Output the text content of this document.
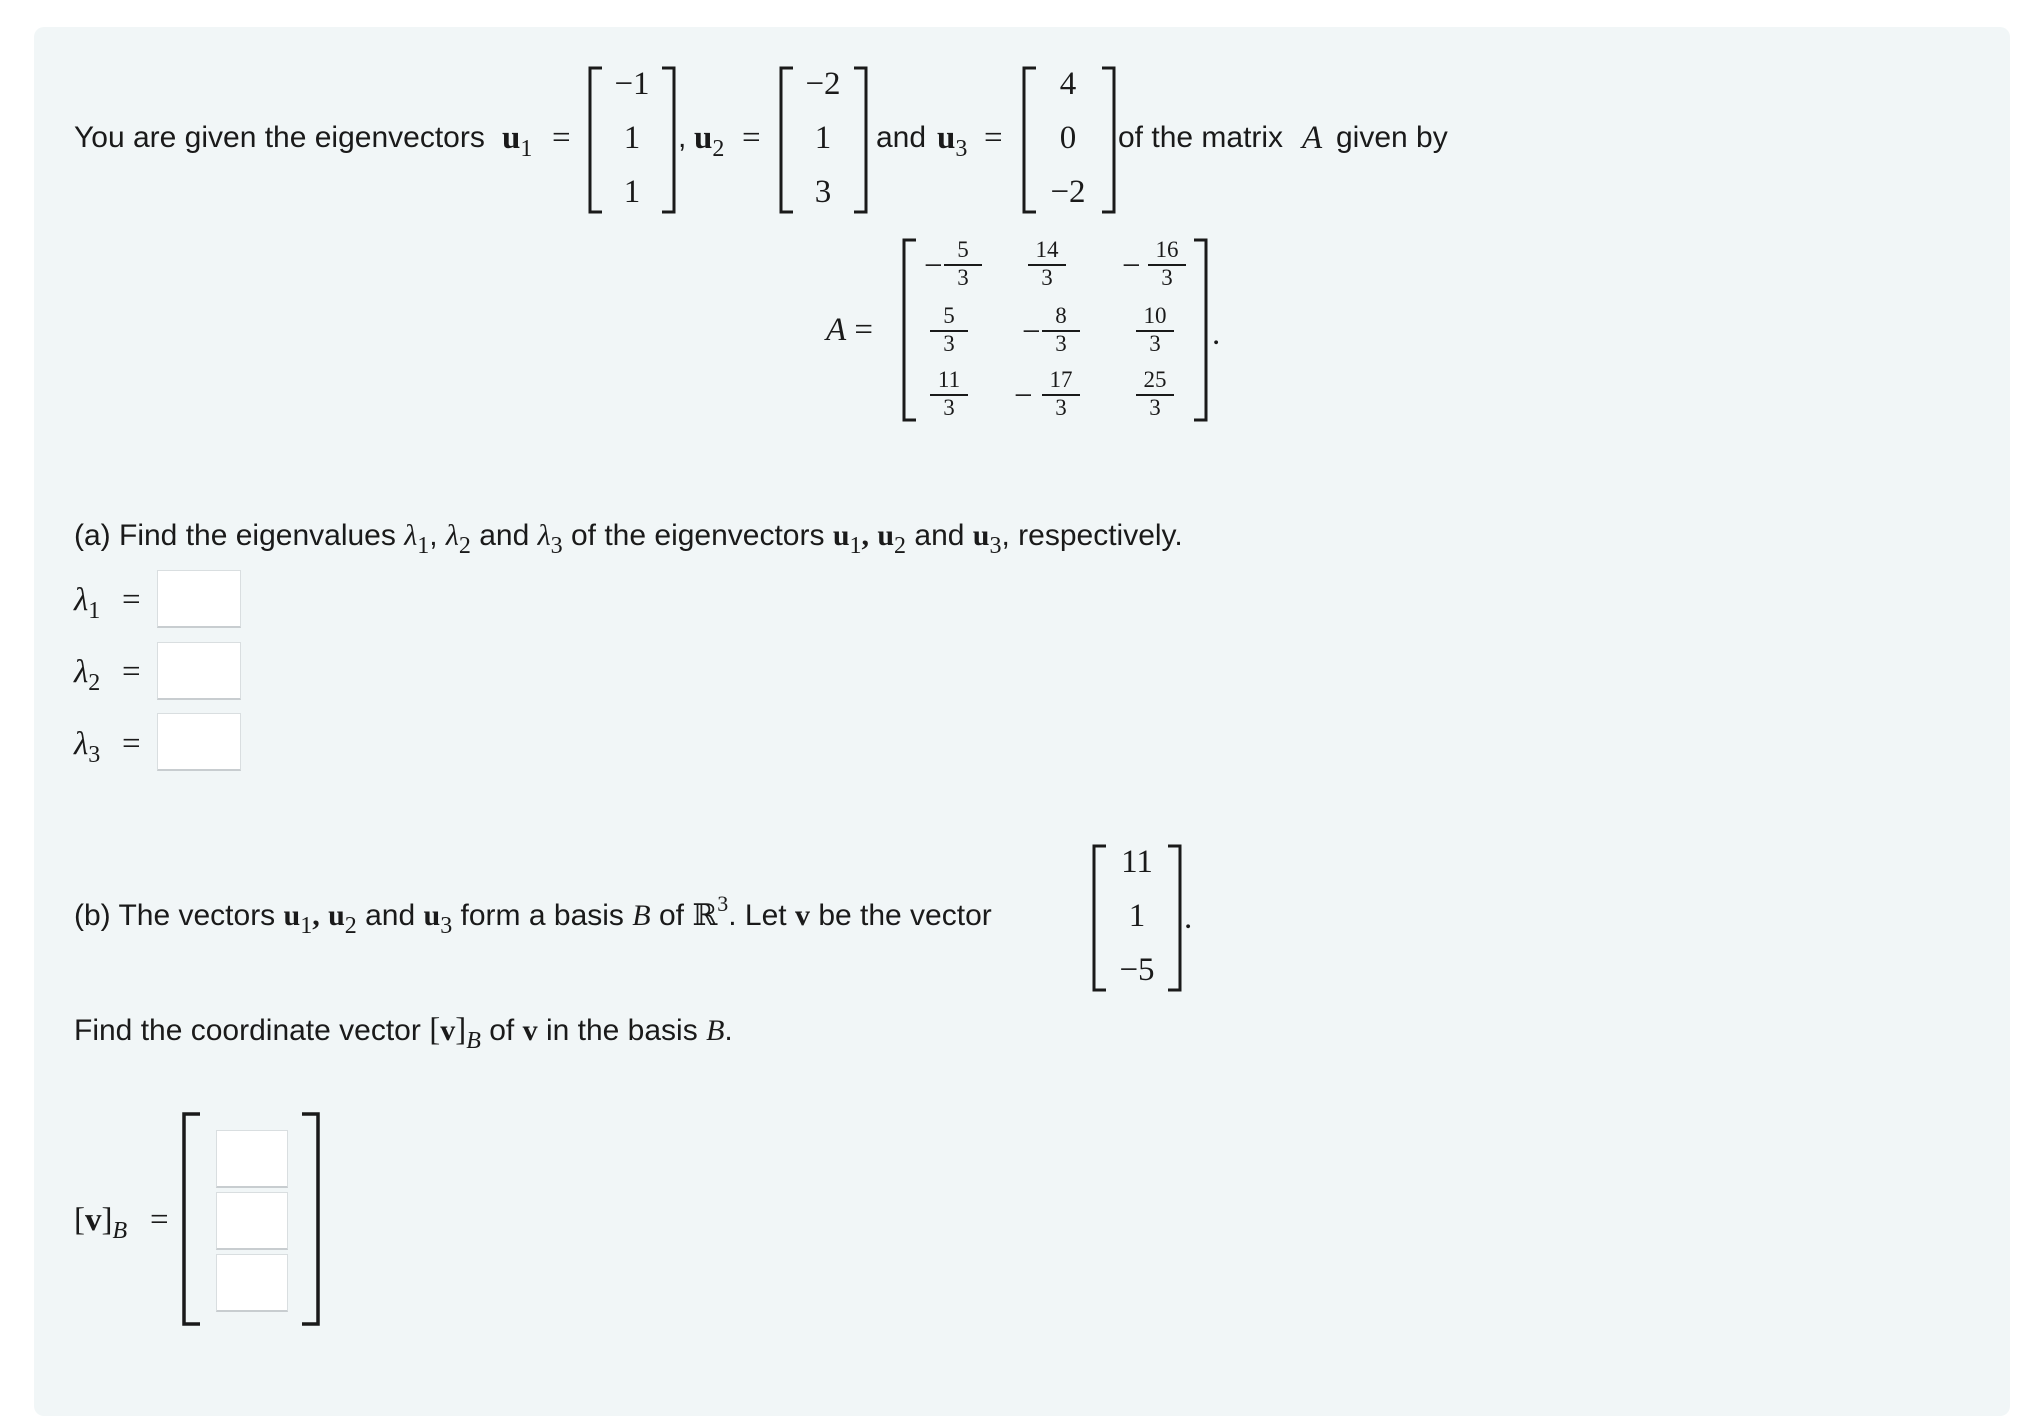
You are given the eigenvectors $u_1$ =
−1
1
1
, $u_2$ =
−2
1
3
and $u_3$ =
4
0
−2
of the matrix A given by
A =	.
−
$\frac{5}{3} \frac{14}{3}$ −
$\frac{16}{3}$
$\frac{5}{3}$ −
$\frac{8}{3} \frac{10}{3}$
$\frac{11}{3}$ −
$\frac{17}{3} \frac{25}{3}$
(a) Find the eigenvalues $\lambda_1$, $\lambda_2$ and $\lambda_3$ of the eigenvectors $u_1$, $u_2$ and $u_3$, respectively.
$\lambda_1$ =
$\lambda_2$ =
$\lambda_3$ =
(b) The vectors $u_1$, $u_2$ and $u_3$ form a basis B of ℝ$^3$. Let v be the vector
11
1
−5
.
Find the coordinate vector $[v]_B$ of v in the basis B.
$[v]_B$ =
